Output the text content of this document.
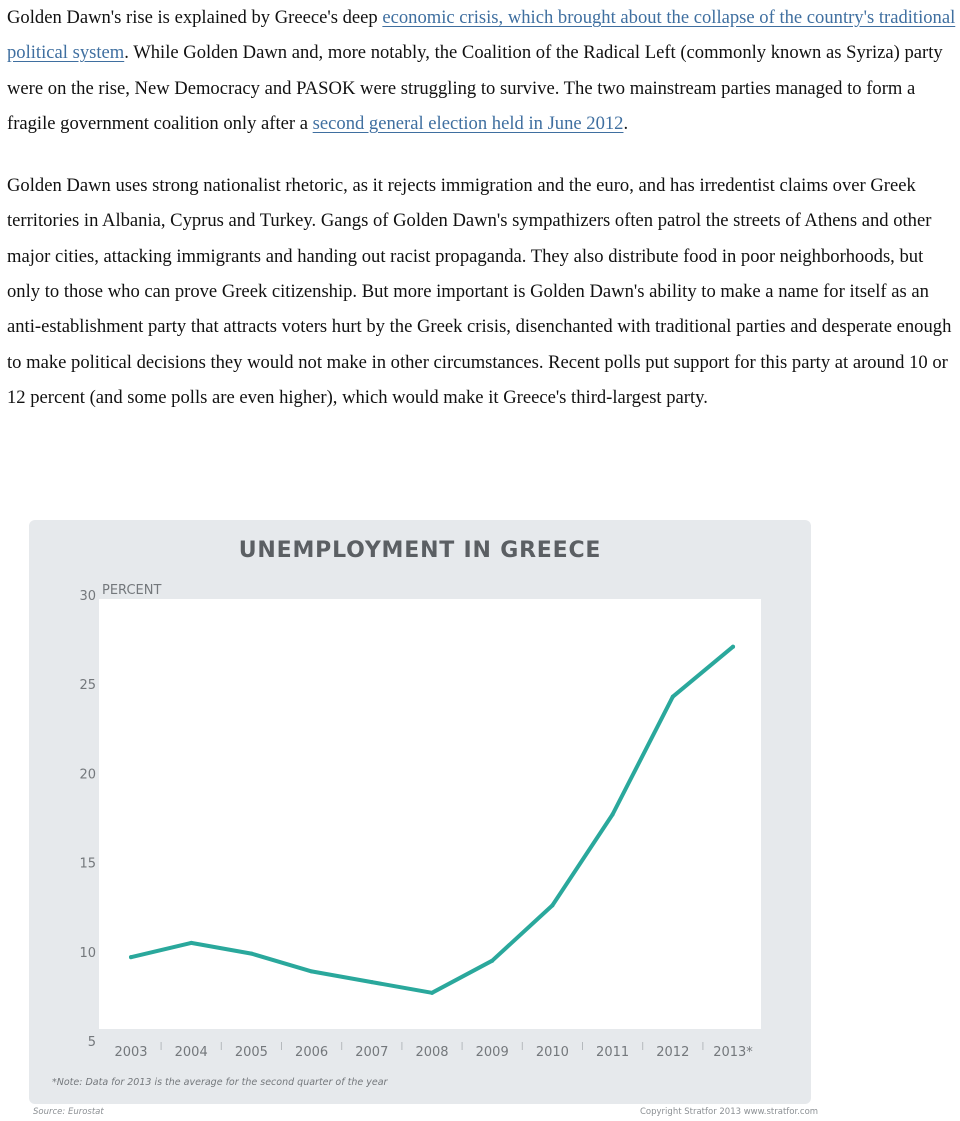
Golden Dawn's rise is explained by Greece's deep economic crisis, which brought about the collapse of the country's traditional political system. While Golden Dawn and, more notably, the Coalition of the Radical Left (commonly known as Syriza) party were on the rise, New Democracy and PASOK were struggling to survive. The two mainstream parties managed to form a fragile government coalition only after a second general election held in June 2012.

Golden Dawn uses strong nationalist rhetoric, as it rejects immigration and the euro, and has irredentist claims over Greek territories in Albania, Cyprus and Turkey. Gangs of Golden Dawn's sympathizers often patrol the streets of Athens and other major cities, attacking immigrants and handing out racist propaganda. They also distribute food in poor neighborhoods, but only to those who can prove Greek citizenship. But more important is Golden Dawn's ability to make a name for itself as an anti-establishment party that attracts voters hurt by the Greek crisis, disenchanted with traditional parties and desperate enough to make political decisions they would not make in other circumstances. Recent polls put support for this party at around 10 or 12 percent (and some polls are even higher), which would make it Greece's third-largest party.

UNEMPLOYMENT IN GREECE
PERCENT
5
10
15
20
25
30
2003 2004 2005 2006 2007 2008 2009 2010 2011 2012 2013*
*Note: Data for 2013 is the average for the second quarter of the year
Source: Eurostat	Copyright Stratfor 2013 www.stratfor.com
